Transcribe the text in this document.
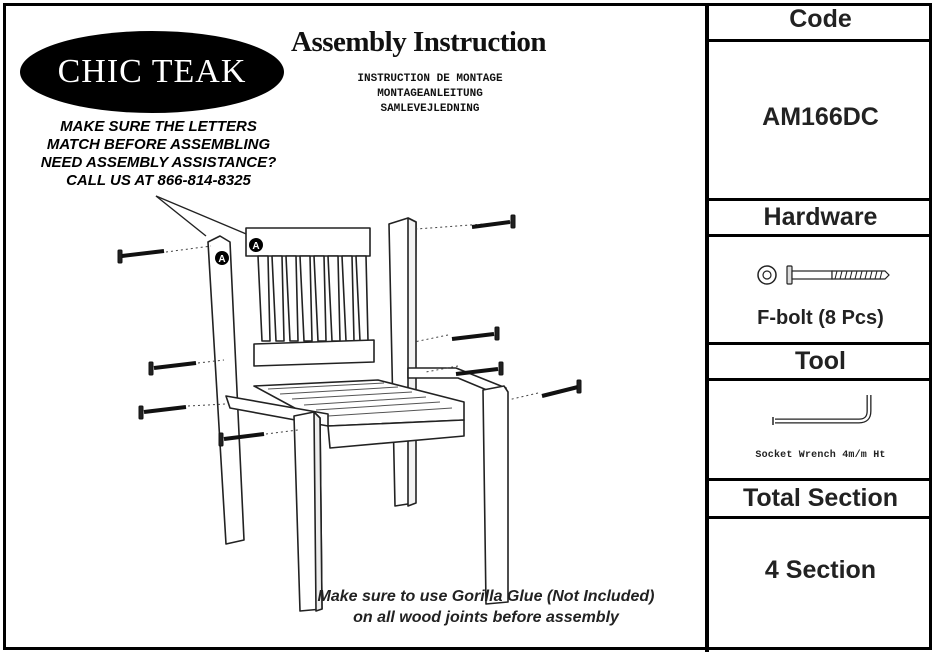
CHIC TEAK
MAKE SURE THE LETTERS
MATCH BEFORE ASSEMBLING
NEED ASSEMBLY ASSISTANCE?
CALL US AT 866-814-8325
Assembly Instruction
INSTRUCTION DE MONTAGE
MONTAGEANLEITUNG
SAMLEVEJLEDNING
A
A
Make sure to use Gorilla Glue (Not Included)
on all wood joints before assembly
Code
AM166DC
Hardware
F-bolt (8 Pcs)
Tool
Socket Wrench 4m/m Ht
Total Section
4 Section
